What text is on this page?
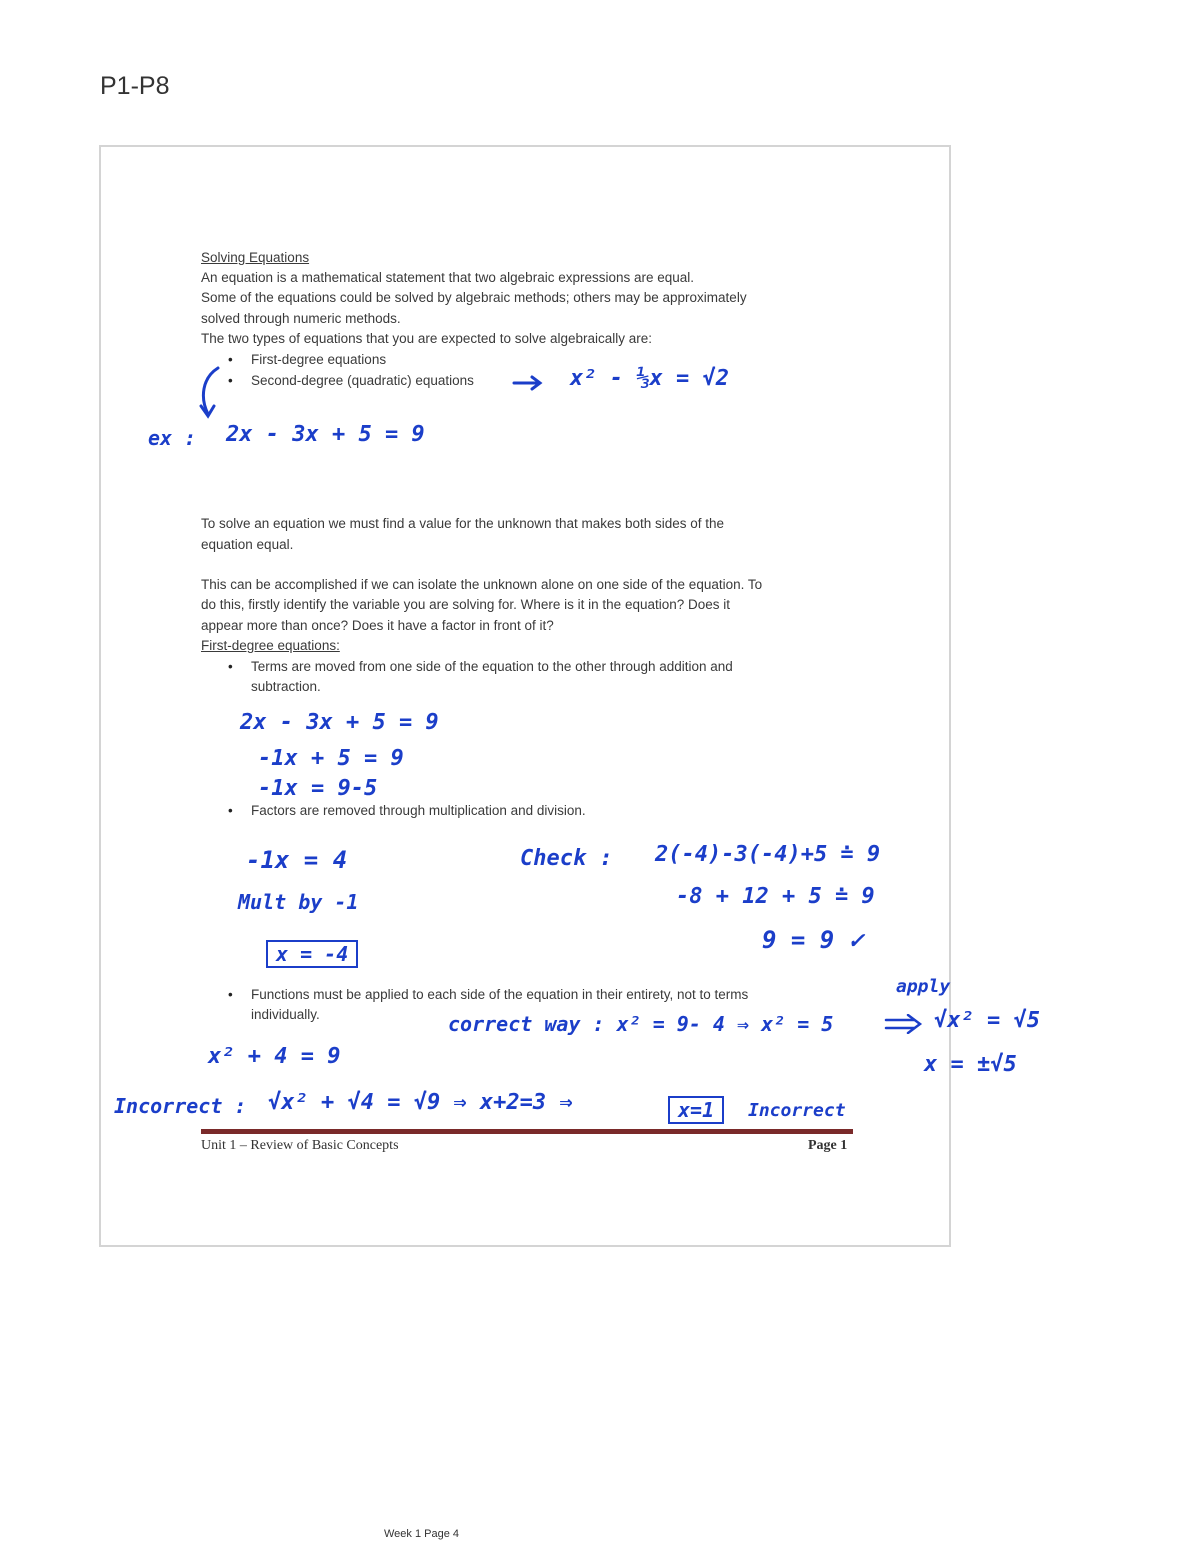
P1-P8
Solving Equations
An equation is a mathematical statement that two algebraic expressions are equal.
Some of the equations could be solved by algebraic methods; others may be approximately
solved through numeric methods.
The two types of equations that you are expected to solve algebraically are:
• First-degree equations
• Second-degree (quadratic) equations
To solve an equation we must find a value for the unknown that makes both sides of the
equation equal.
This can be accomplished if we can isolate the unknown alone on one side of the equation. To
do this, firstly identify the variable you are solving for. Where is it in the equation? Does it
appear more than once? Does it have a factor in front of it?
First-degree equations:
• Terms are moved from one side of the equation to the other through addition and
subtraction.
• Factors are removed through multiplication and division.
• Functions must be applied to each side of the equation in their entirety, not to terms
individually.
x² - ⅓x = √2
ex : 2x - 3x + 5 = 9
2x - 3x + 5 = 9
-1x + 5 = 9
-1x = 9-5
-1x = 4
Mult by -1
x = -4
Check : 2(-4)-3(-4)+5 ≐ 9
-8 + 12 + 5 ≐ 9
9 = 9 ✓
apply
correct way : x² = 9- 4 ⇒ x² = 5	√x² = √5
x = ±√5
x² + 4 = 9
Incorrect : √x² + √4 = √9 ⇒ x+2=3 ⇒	x=1	Incorrect
Unit 1 – Review of Basic Concepts	Page 1
Week 1 Page 4
